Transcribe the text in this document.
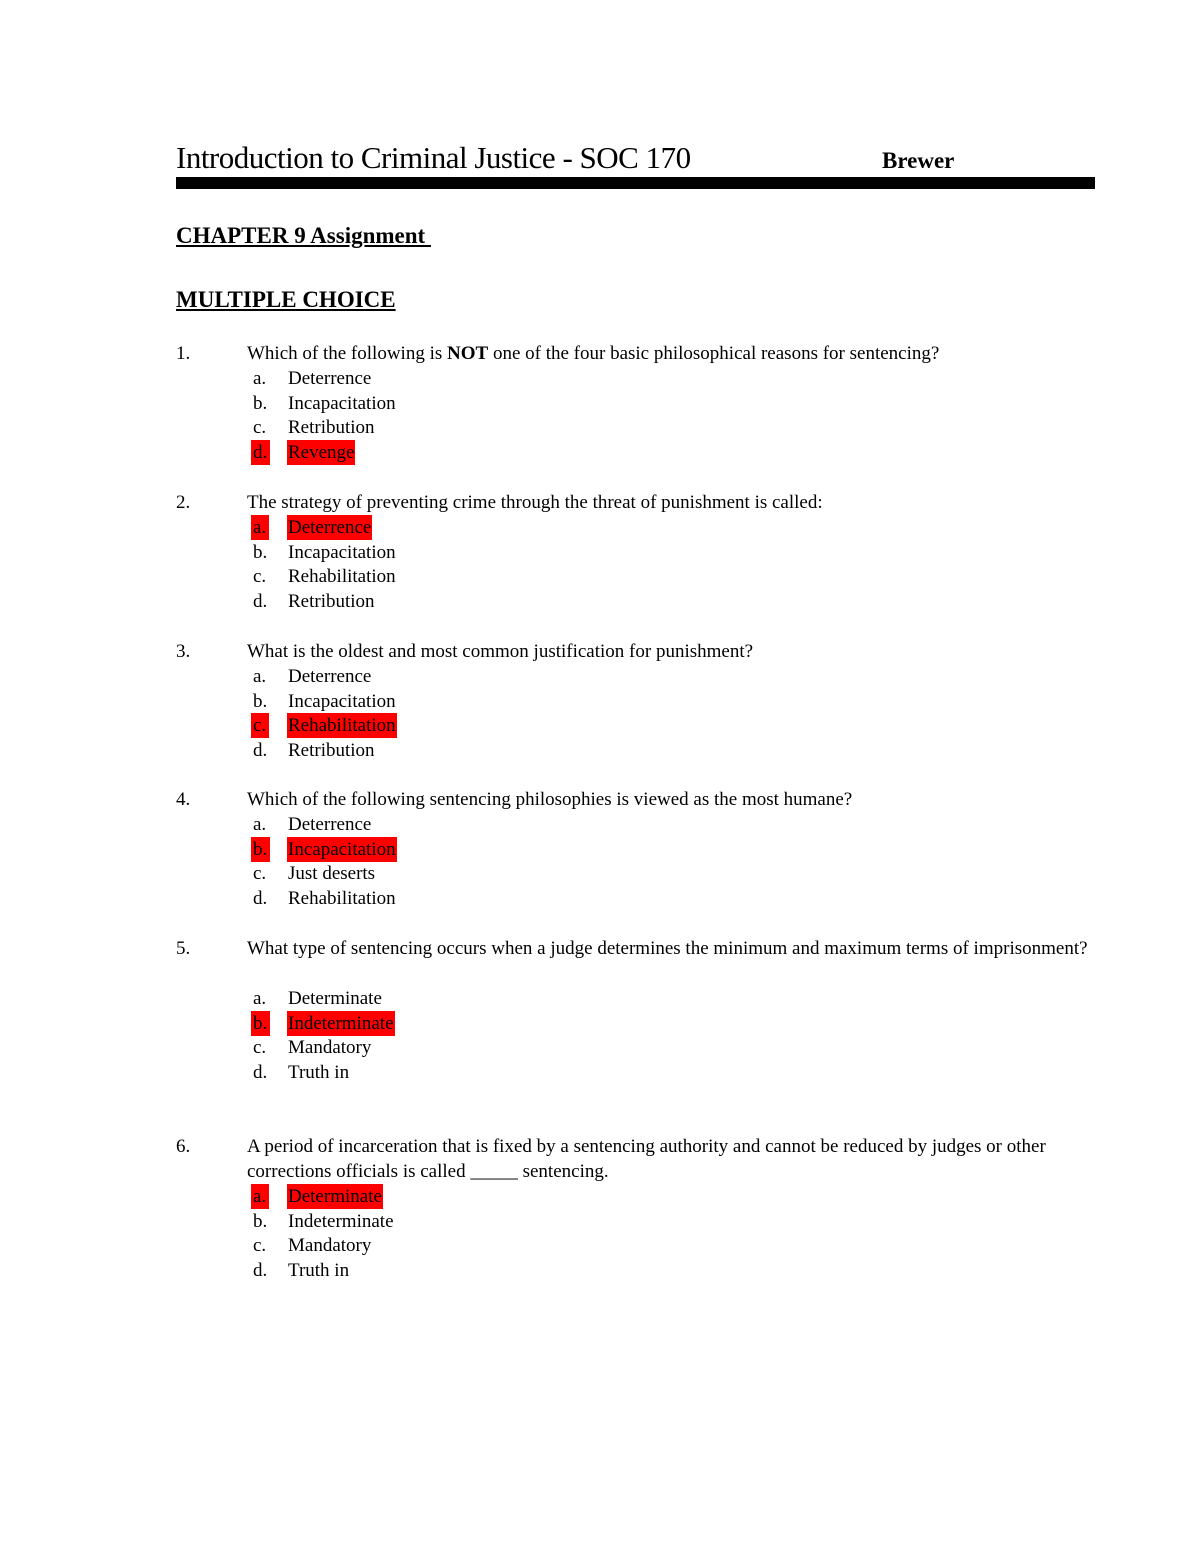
Introduction to Criminal Justice - SOC 170	Brewer
CHAPTER 9 Assignment
MULTIPLE CHOICE
1.	Which of the following is NOT one of the four basic philosophical reasons for sentencing?
a. Deterrence
b. Incapacitation
c. Retribution
d. Revenge
2.	The strategy of preventing crime through the threat of punishment is called:
a. Deterrence
b. Incapacitation
c. Rehabilitation
d. Retribution
3.	What is the oldest and most common justification for punishment?
a. Deterrence
b. Incapacitation
c. Rehabilitation
d. Retribution
4.	Which of the following sentencing philosophies is viewed as the most humane?
a. Deterrence
b. Incapacitation
c. Just deserts
d. Rehabilitation
5.	What type of sentencing occurs when a judge determines the minimum and maximum terms of imprisonment?
a. Determinate
b. Indeterminate
c. Mandatory
d. Truth in
6.	A period of incarceration that is fixed by a sentencing authority and cannot be reduced by judges or other corrections officials is called _____ sentencing.
a. Determinate
b. Indeterminate
c. Mandatory
d. Truth in
